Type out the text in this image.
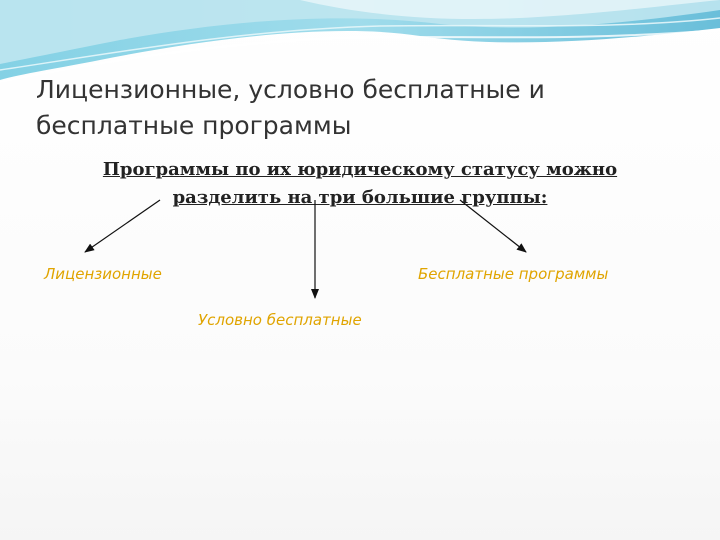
Лицензионные, условно бесплатные и бесплатные программы

Программы по их юридическому статусу можно разделить на три большие группы:

Лицензионные	Бесплатные программы

Условно бесплатные
